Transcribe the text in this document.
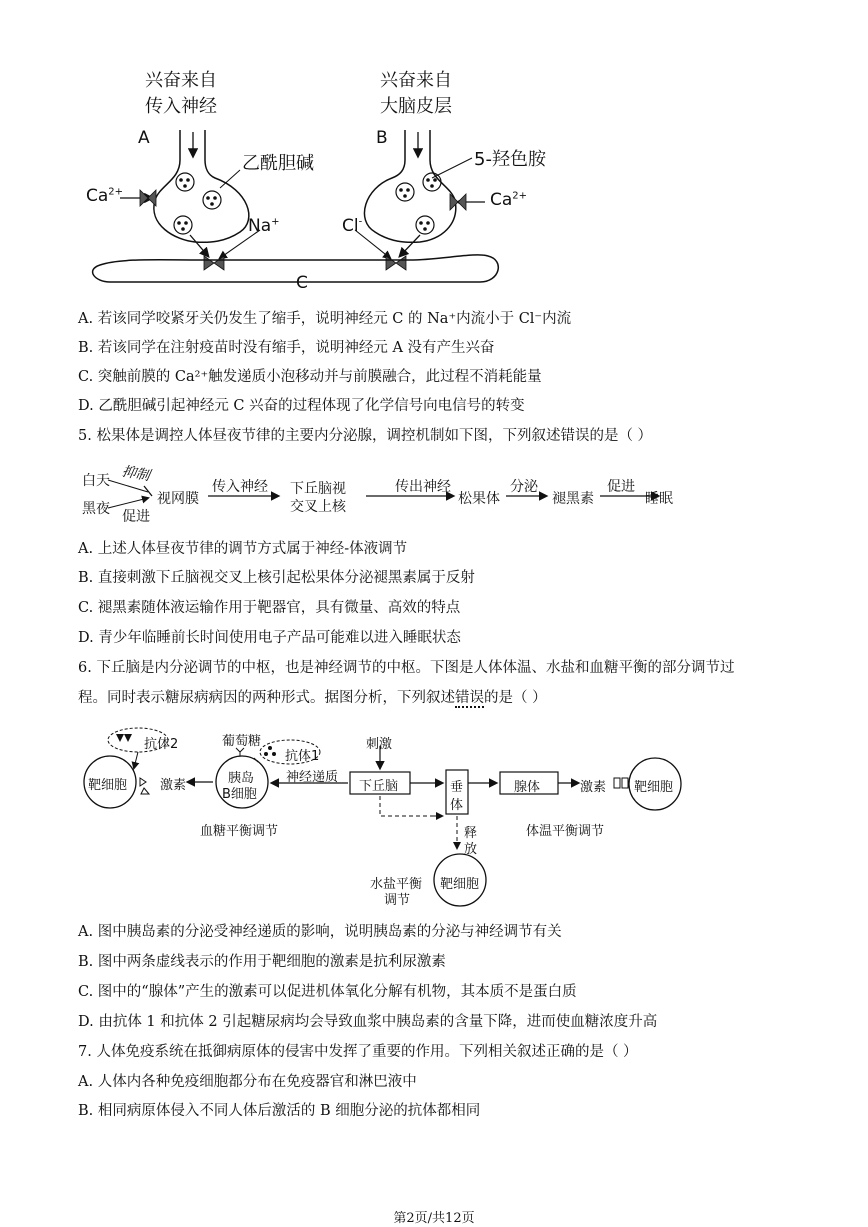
兴奋来自
传入神经
兴奋来自
大脑皮层
A	B
乙酰胆碱	5-羟色胺
$Ca^{2+}$	$Ca^{2+}$
Na+	Cl-
C
A. 若该同学咬紧牙关仍发生了缩手，说明神经元 C 的 Na⁺内流小于 Cl⁻内流
B. 若该同学在注射疫苗时没有缩手，说明神经元 A 没有产生兴奋
C. 突触前膜的 Ca²⁺触发递质小泡移动并与前膜融合，此过程不消耗能量
D. 乙酰胆碱引起神经元 C 兴奋的过程体现了化学信号向电信号的转变
5. 松果体是调控人体昼夜节律的主要内分泌腺，调控机制如下图，下列叙述错误的是（ ）
白天
黑夜
抑制
促进
视网膜
传入神经 下丘脑视
交叉上核
传出神经
松果体
分泌
褪黑素
促进
睡眠
A. 上述人体昼夜节律的调节方式属于神经-体液调节
B. 直接刺激下丘脑视交叉上核引起松果体分泌褪黑素属于反射
C. 褪黑素随体液运输作用于靶器官，具有微量、高效的特点
D. 青少年临睡前长时间使用电子产品可能难以进入睡眠状态
6. 下丘脑是内分泌调节的中枢，也是神经调节的中枢。下图是人体体温、水盐和血糖平衡的部分调节过
程。同时表示糖尿病病因的两种形式。据图分析，下列叙述错误的是（ ）
抗体2	葡萄糖
抗体1
刺激
靶细胞	激素	胰岛
B细胞
神经递质
下丘脑	垂
体
腺体	激素 靶细胞
释
放
靶细胞
血糖平衡调节	体温平衡调节
水盐平衡
调节
A. 图中胰岛素的分泌受神经递质的影响，说明胰岛素的分泌与神经调节有关
B. 图中两条虚线表示的作用于靶细胞的激素是抗利尿激素
C. 图中的“腺体”产生的激素可以促进机体氧化分解有机物，其本质不是蛋白质
D. 由抗体 1 和抗体 2 引起糖尿病均会导致血浆中胰岛素的含量下降，进而使血糖浓度升高
7. 人体免疫系统在抵御病原体的侵害中发挥了重要的作用。下列相关叙述正确的是（ ）
A. 人体内各种免疫细胞都分布在免疫器官和淋巴液中
B. 相同病原体侵入不同人体后激活的 B 细胞分泌的抗体都相同
第2页/共12页
